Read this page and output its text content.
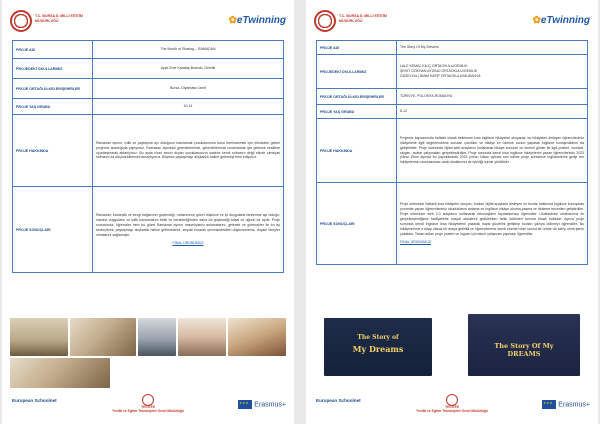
T.C. BURSA İL MİLLİ EĞİTİM MÜDÜRLÜĞÜ	✿eTwinning
PROJE ADI	The Month of Sharing – RAMADAN
PROJEDEKİ OKULLARIMIZ	Ayşe Zner Karataş İlkokulu, Gemlik
PROJE ORTAĞI ÜLKELER/ŞEHİRLER	Bursa- Diyarbakır-İzmit
PROJE YAŞ GRUBU	10-14
PROJE HAKKINDA	Ramazan ayının, iyilik ve paylaşma ayı olduğunu hatırlamak çocuklarımıza bunu benimsemek için elimizden geleni projemiz aracılığıyla yapıyoruz. Ramazan ayındaki geleneklerimizi, göreneklerimizi unutmamak için gelecek nesillere oyunlaştırarak aktarıyoruz. Bu ayda ırzan sesini duyan çocuklarımızın sadece kendi sofrasını değil elinde olmayan sofrasını da düşünebilmesini amaçlıyoruz. Böylece paylaşmayı alışkanlık haline getirmeyi temi ediyoruz.
PROJE SONUÇLARI	Ramazan; kardeşlik ve sevgi bağlarının güçlendiği, ruhlarımızın güzel düşünce ve iyi duygularla beslenme ayı olduğu; manevi duyguların ve iyilik kavramlarını birlik ve beraberliğimizin daha da güçlendiği tutsal ve uğurlu bir aydır. Proje sonucunda; öğrenciler hem bu güzel Ramazan ayının maneviyatını anlamalarını, gelenek ve görenekler ile bu ay sevinçlerini, paylaşmayı alışkanlık haline getirmelerini, empati kurarak çevresindekileri düşünmelerini, duyarlı bireyler olmalarını sağlamıştır.
FİNAL ÜRÜNÜMÜZ
European Schoolnet
YEĞİTEK
Yenilik ve Eğitim Teknolojileri Genel Müdürlüğü
★★★Erasmus+
T.C. BURSA İL MİLLİ EĞİTİM MÜDÜRLÜĞÜ	✿eTwinning
PROJE ADI	The Story Of My Dreams
PROJEDEKİ OKULLARIMIZ	LALE KEMAL KILIÇ ORTAOKULU/GEMLİK
ŞEHİT GÖKHAN AYDINLI ORTAOKULU/GEMLİK
GÜZELYALI İMAM HATİP ORTAOKULU/MUDANYA
PROJE ORTAĞI ÜLKELER/ŞEHİRLER	TÜRKİYE, POLONYA,ROMANYA
PROJE YAŞ GRUBU	6-12
PROJE HAKKINDA	Projemiz kapsamında haftalık olarak belirlenen kısa İngilizce hikâyeleri okuyarak, bu hikâyeleri dinleyen öğrencilerimiz hikâyelerle ilgili değerlendirme soruları çözdüler ve hikâye ev üzerine sonun yaparak İngilizce konuşmalarını da geliştirdiler. Proje süresinde dijital web araçlarını kullanarak hikâye konuları ve önemli günler ile ilgili posterl, wordart, slogan, avatar çalışmaları gerçekleştirdiler. Proje sonunda kendi kısa İngilizce hikâyelerini yazan öğrencilerimiz 2023 yılının Ekim ayında bu yayınlanarak 2022 yılının Nisan ayında son haline proje süresince İngilizcelerini gelişt ren hikâyelerinin ulusluararası ortak okullarımız ile işbirliği içinde yürüttüler.
PROJE SONUÇLARI	Proje süresince haftalık kısa hikâyeler okuyan, bunları dijital araçlarla dinleyen ve bunlar hakkında İngilizce konuşarak yorumlar yapan öğrencilerimiz okuduklarını anlama ve İngilizce hikâye okuma-yazma ve dinleme becerileri geliştirdiler. Proje süresince web 2.0 araçlarını kullanarak teknolojiden faydalanmayı öğrendiler. Uluslararası ortaklarımız ile gerçekleştirdiğimiz faaliyetlerle sosyal alanlarını geliştirirken farklı kültürleri tanıma fırsatı buldular. Ayrıca proje sonunda kendi İngilizce kısa hikâyelerini yazarak hayal güçlerini geliştirip bunları yazıya dökmeyi öğrendiler. Bu hikâyelerimiz e-kitap olarak bir araya getirildi ve öğrencilerimiz kendi eserleri olan somut bir ürüne da sahip olma şansı yakaladı. Tasarı adları proje posteri ve logosu için takım çalışması yapmayı öğrendiler.
FİNAL ÜRÜNÜMÜZ
The Story of
My Dreams	The Story Of My DREAMS
European Schoolnet
YEĞİTEK
Yenilik ve Eğitim Teknolojileri Genel Müdürlüğü
★★★Erasmus+
